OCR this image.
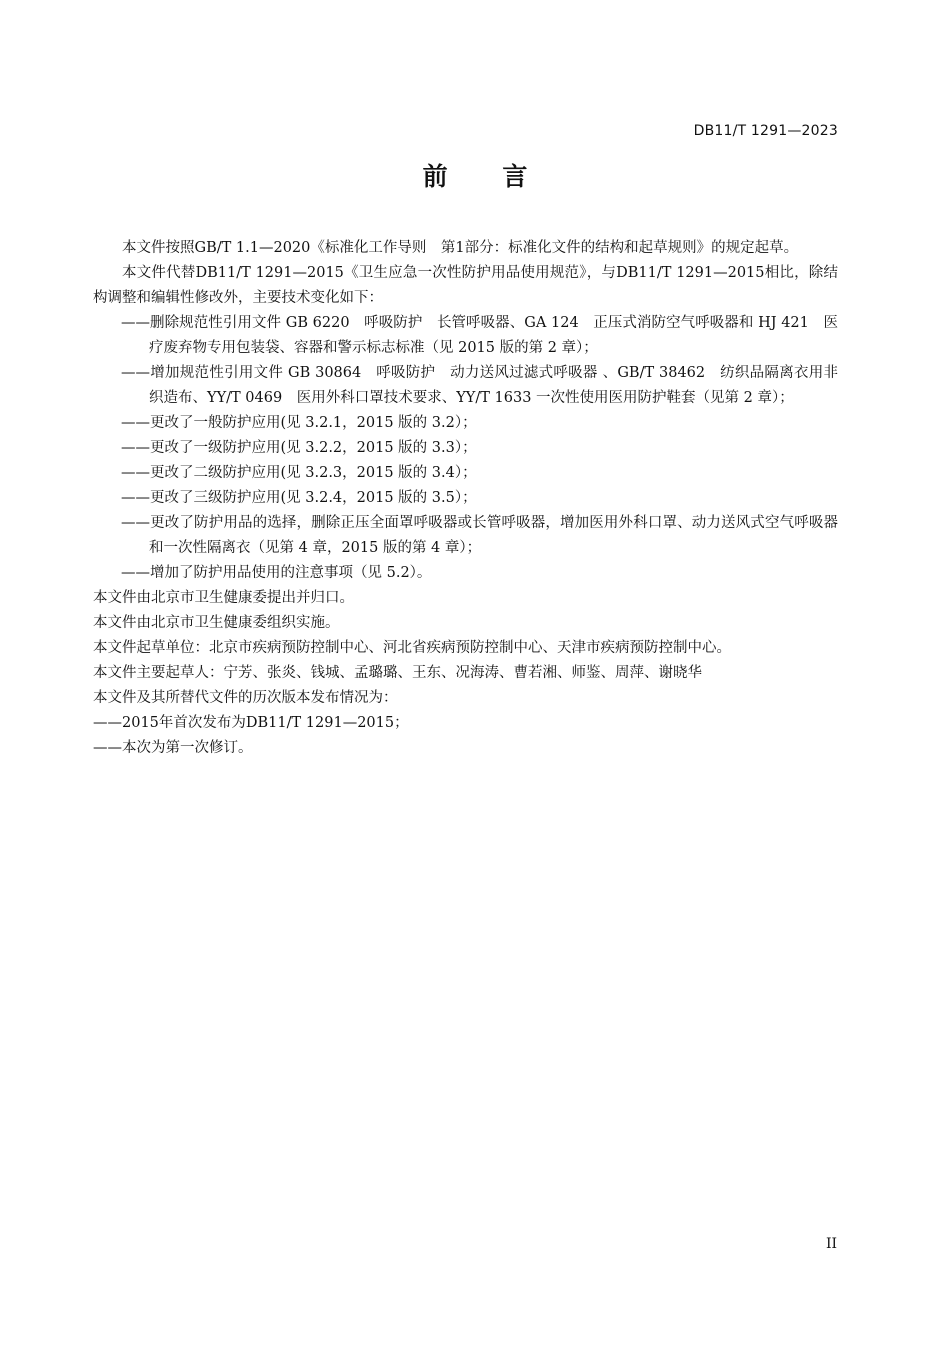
DB11/T 1291—2023
前 言

本文件按照GB/T 1.1—2020《标准化工作导则　第1部分：标准化文件的结构和起草规则》的规定起草。

本文件代替DB11/T 1291—2015《卫生应急一次性防护用品使用规范》，与DB11/T 1291—2015相比，除结构调整和编辑性修改外，主要技术变化如下：

——删除规范性引用文件 GB 6220　呼吸防护　长管呼吸器、GA 124　正压式消防空气呼吸器和 HJ 421　医疗废弃物专用包装袋、容器和警示标志标准（见 2015 版的第 2 章）；

——增加规范性引用文件 GB 30864　呼吸防护　动力送风过滤式呼吸器 、GB/T 38462　纺织品隔离衣用非织造布、YY/T 0469　医用外科口罩技术要求、YY/T 1633 一次性使用医用防护鞋套（见第 2 章）；

——更改了一般防护应用(见 3.2.1，2015 版的 3.2）；

——更改了一级防护应用(见 3.2.2，2015 版的 3.3）；

——更改了二级防护应用(见 3.2.3，2015 版的 3.4）；

——更改了三级防护应用(见 3.2.4，2015 版的 3.5）；

——更改了防护用品的选择，删除正压全面罩呼吸器或长管呼吸器，增加医用外科口罩、动力送风式空气呼吸器和一次性隔离衣（见第 4 章，2015 版的第 4 章）；

——增加了防护用品使用的注意事项（见 5.2）。

本文件由北京市卫生健康委提出并归口。

本文件由北京市卫生健康委组织实施。

本文件起草单位：北京市疾病预防控制中心、河北省疾病预防控制中心、天津市疾病预防控制中心。

本文件主要起草人：宁芳、张炎、钱城、孟璐璐、王东、况海涛、曹若湘、师鉴、周萍、谢晓华

本文件及其所替代文件的历次版本发布情况为：

——2015年首次发布为DB11/T 1291—2015；

——本次为第一次修订。

II
